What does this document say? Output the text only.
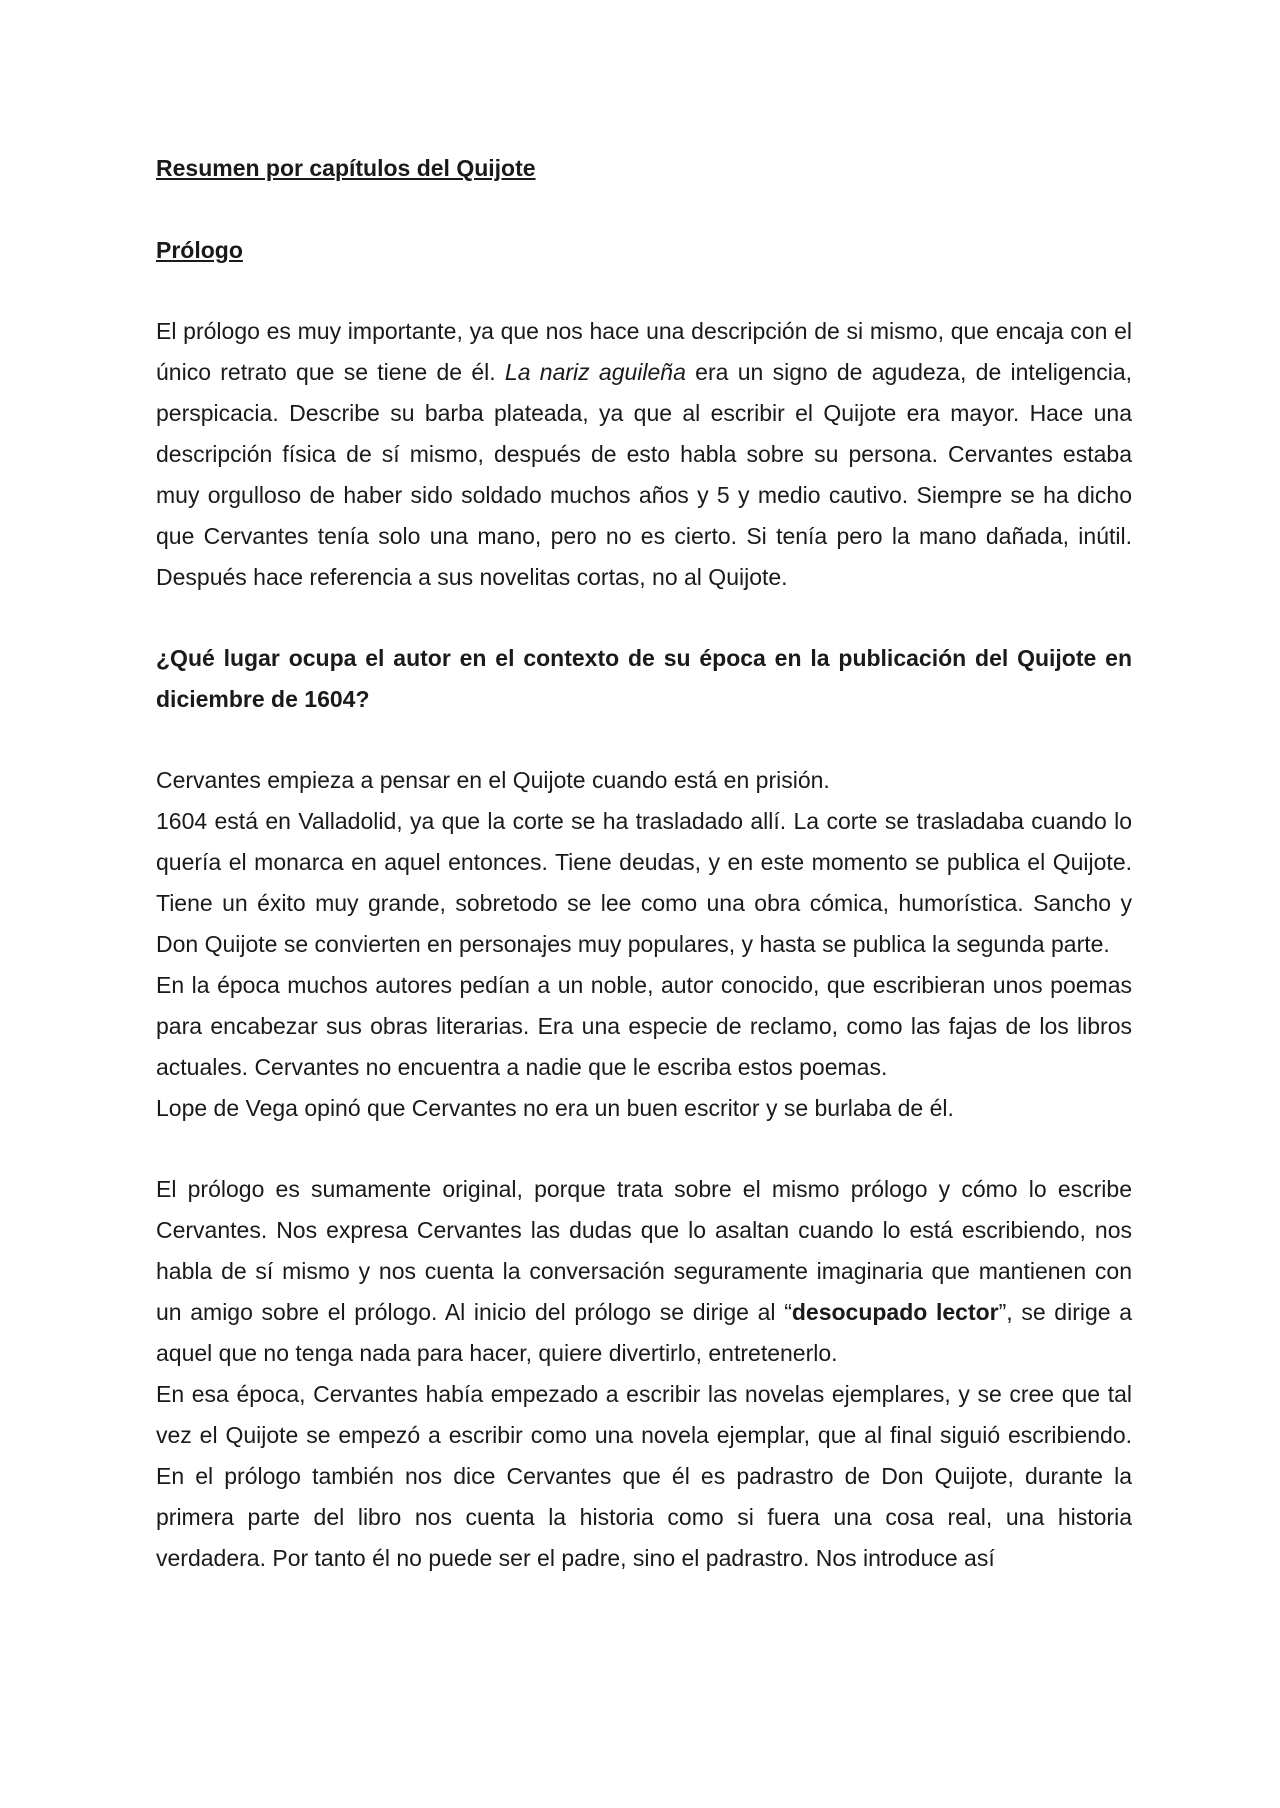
Resumen por capítulos del Quijote

Prólogo

El prólogo es muy importante, ya que nos hace una descripción de si mismo, que encaja con el único retrato que se tiene de él. La nariz aguileña era un signo de agudeza, de inteligencia, perspicacia. Describe su barba plateada, ya que al escribir el Quijote era mayor. Hace una descripción física de sí mismo, después de esto habla sobre su persona. Cervantes estaba muy orgulloso de haber sido soldado muchos años y 5 y medio cautivo. Siempre se ha dicho que Cervantes tenía solo una mano, pero no es cierto. Si tenía pero la mano dañada, inútil. Después hace referencia a sus novelitas cortas, no al Quijote.

¿Qué lugar ocupa el autor en el contexto de su época en la publicación del Quijote en diciembre de 1604?

Cervantes empieza a pensar en el Quijote cuando está en prisión.

1604 está en Valladolid, ya que la corte se ha trasladado allí. La corte se trasladaba cuando lo quería el monarca en aquel entonces. Tiene deudas, y en este momento se publica el Quijote. Tiene un éxito muy grande, sobretodo se lee como una obra cómica, humorística. Sancho y Don Quijote se convierten en personajes muy populares, y hasta se publica la segunda parte.

En la época muchos autores pedían a un noble, autor conocido, que escribieran unos poemas para encabezar sus obras literarias. Era una especie de reclamo, como las fajas de los libros actuales. Cervantes no encuentra a nadie que le escriba estos poemas.

Lope de Vega opinó que Cervantes no era un buen escritor y se burlaba de él.

El prólogo es sumamente original, porque trata sobre el mismo prólogo y cómo lo escribe Cervantes. Nos expresa Cervantes las dudas que lo asaltan cuando lo está escribiendo, nos habla de sí mismo y nos cuenta la conversación seguramente imaginaria que mantienen con un amigo sobre el prólogo. Al inicio del prólogo se dirige al “desocupado lector”, se dirige a aquel que no tenga nada para hacer, quiere divertirlo, entretenerlo.

En esa época, Cervantes había empezado a escribir las novelas ejemplares, y se cree que tal vez el Quijote se empezó a escribir como una novela ejemplar, que al final siguió escribiendo. En el prólogo también nos dice Cervantes que él es padrastro de Don Quijote, durante la primera parte del libro nos cuenta la historia como si fuera una cosa real, una historia verdadera. Por tanto él no puede ser el padre, sino el padrastro. Nos introduce así
